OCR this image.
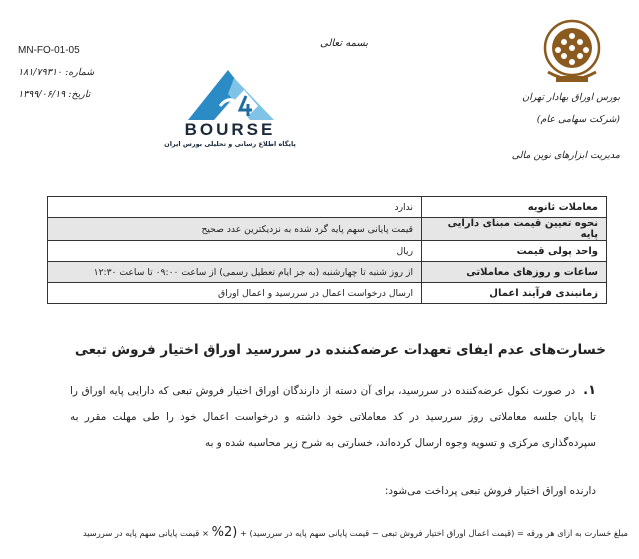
MN-FO-01-05
شماره: ۱۸۱/۷۹۳۱۰
تاریخ: ۱۳۹۹/۰۶/۱۹
بسمه تعالی
BOURSE
پایگاه اطلاع رسانی و تحلیلی بورس ایران
بورس اوراق بهادار تهران
(شرکت سهامی عام)
مدیریت ابزارهای نوین مالی
معاملات ثانویه	ندارد
نحوه تعیین قیمت مبنای دارایی پایه	قیمت پایانی سهم پایه گرد شده به نزدیکترین عدد صحیح
واحد پولی قیمت	ریال
ساعات و روزهای معاملاتی	از روز شنبه تا چهارشنبه (به جز ایام تعطیل رسمی) از ساعت ۰۹:۰۰ تا ساعت ۱۲:۳۰
زمانبندی فرآیند اعمال	ارسال درخواست اعمال در سررسید و اعمال اوراق
خسارت‌های عدم ایفای تعهدات عرضه‌کننده در سررسید اوراق اختیار فروش تبعی
۱.در صورت نکول عرضه‌کننده در سررسید، برای آن دسته از دارندگان اوراق اختیار فروش تبعی که دارایی پایه اوراق را تا پایان جلسه معاملاتی روز سررسید در کد معاملاتی خود داشته و درخواست اعمال خود را طی مهلت مقرر به سپرده‌گذاری مرکزی و تسویه وجوه ارسال کرده‌اند، خسارتی به شرح زیر محاسبه شده و به
دارنده اوراق اختیار فروش تبعی پرداخت می‌شود:
مبلغ خسارت به ازای هر ورقه = (قیمت اعمال اوراق اختیار فروش تبعی − قیمت پایانی سهم پایه در سررسید) + (2% × قیمت پایانی سهم پایه در سررسید
